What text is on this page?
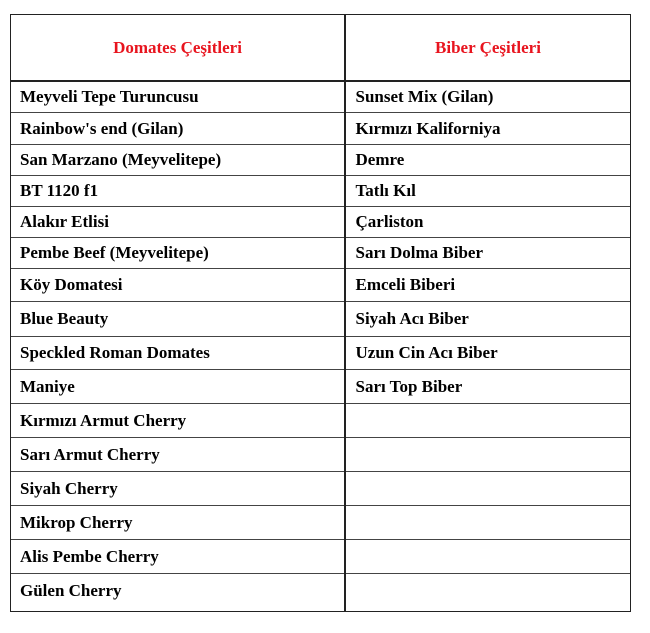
Domates Çeşitleri	Biber Çeşitleri
Meyveli Tepe Turuncusu	Sunset Mix (Gilan)
Rainbow's end (Gilan)	Kırmızı Kaliforniya
San Marzano (Meyvelitepe)	Demre
BT 1120 f1	Tatlı Kıl
Alakır Etlisi	Çarliston
Pembe Beef (Meyvelitepe)	Sarı Dolma Biber
Köy Domatesi	Emceli Biberi
Blue Beauty	Siyah Acı Biber
Speckled Roman Domates	Uzun Cin Acı Biber
Maniye	Sarı Top Biber
Kırmızı Armut Cherry	
Sarı Armut Cherry	
Siyah Cherry	
Mikrop Cherry	
Alis Pembe Cherry	
Gülen Cherry	
